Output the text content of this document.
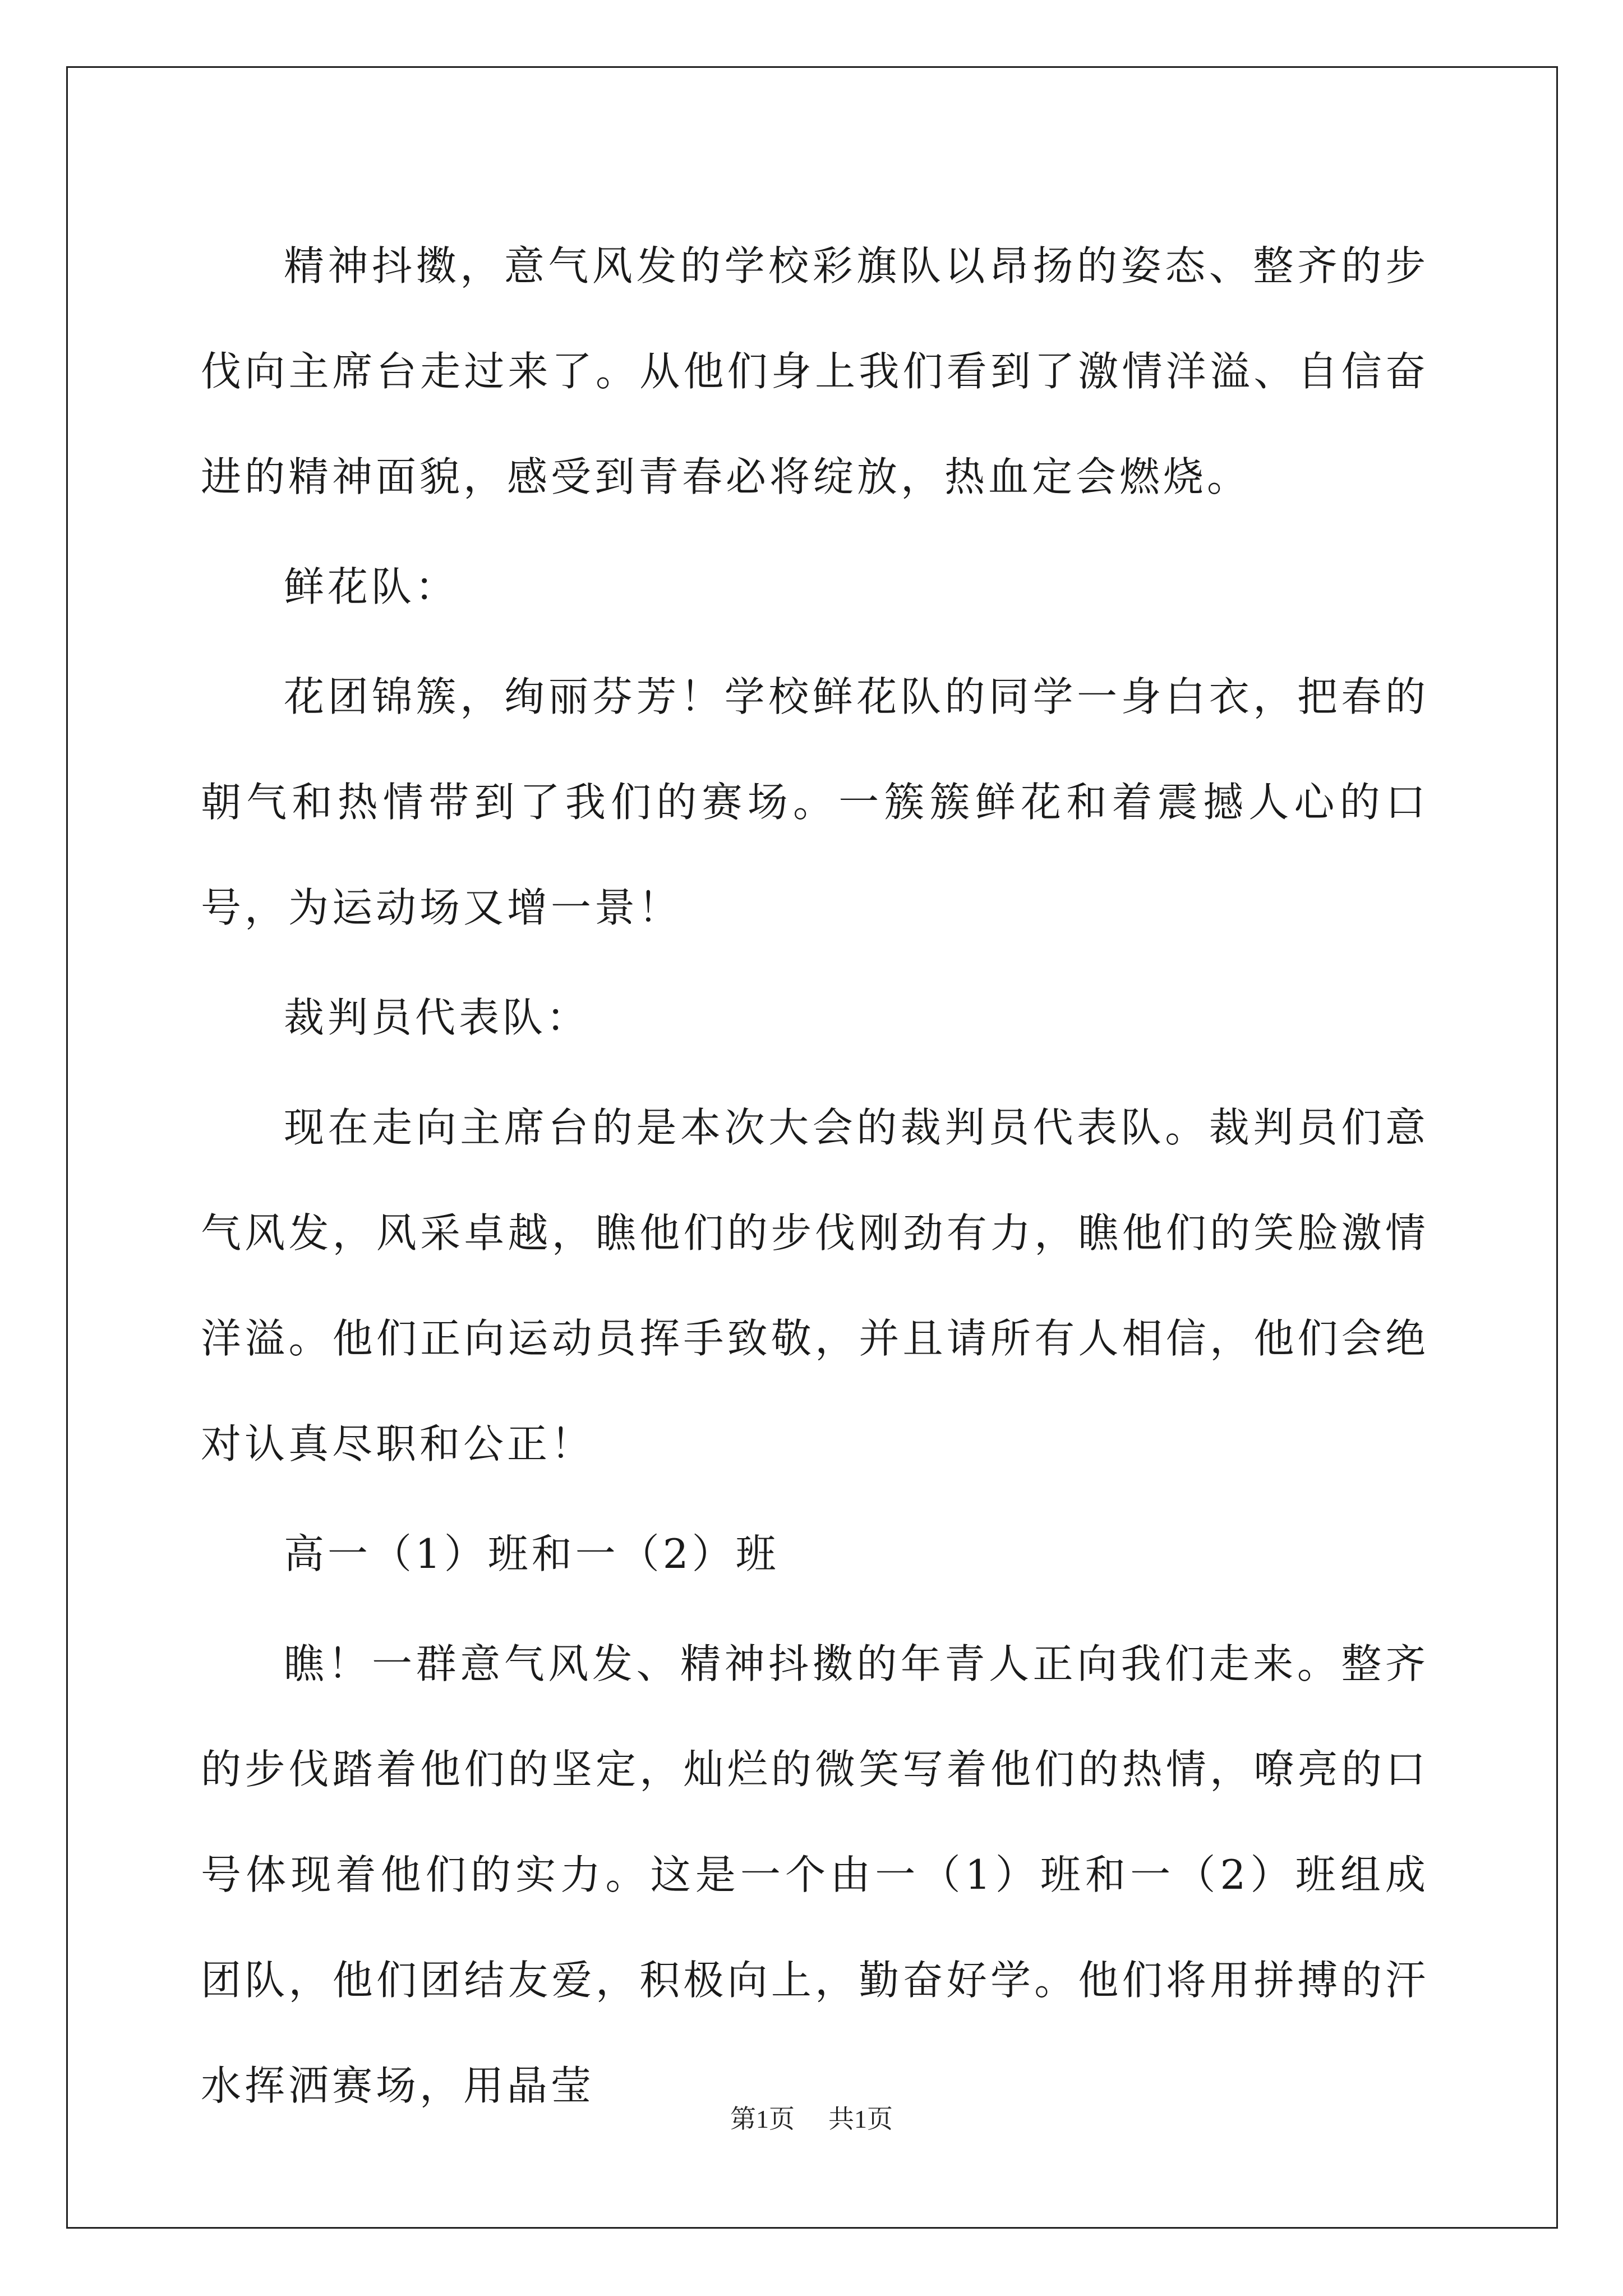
精神抖擞，意气风发的学校彩旗队以昂扬的姿态、整齐的步伐向主席台走过来了。从他们身上我们看到了激情洋溢、自信奋进的精神面貌，感受到青春必将绽放，热血定会燃烧。

鲜花队：

花团锦簇，绚丽芬芳！学校鲜花队的同学一身白衣，把春的朝气和热情带到了我们的赛场。一簇簇鲜花和着震撼人心的口号，为运动场又增一景！

裁判员代表队：

现在走向主席台的是本次大会的裁判员代表队。裁判员们意气风发，风采卓越，瞧他们的步伐刚劲有力，瞧他们的笑脸激情洋溢。他们正向运动员挥手致敬，并且请所有人相信，他们会绝对认真尽职和公正！

高一（1）班和一（2）班

瞧！一群意气风发、精神抖擞的年青人正向我们走来。整齐的步伐踏着他们的坚定，灿烂的微笑写着他们的热情，嘹亮的口号体现着他们的实力。这是一个由一（1）班和一（2）班组成团队，他们团结友爱，积极向上，勤奋好学。他们将用拼搏的汗水挥洒赛场，用晶莹

第1页 共1页
